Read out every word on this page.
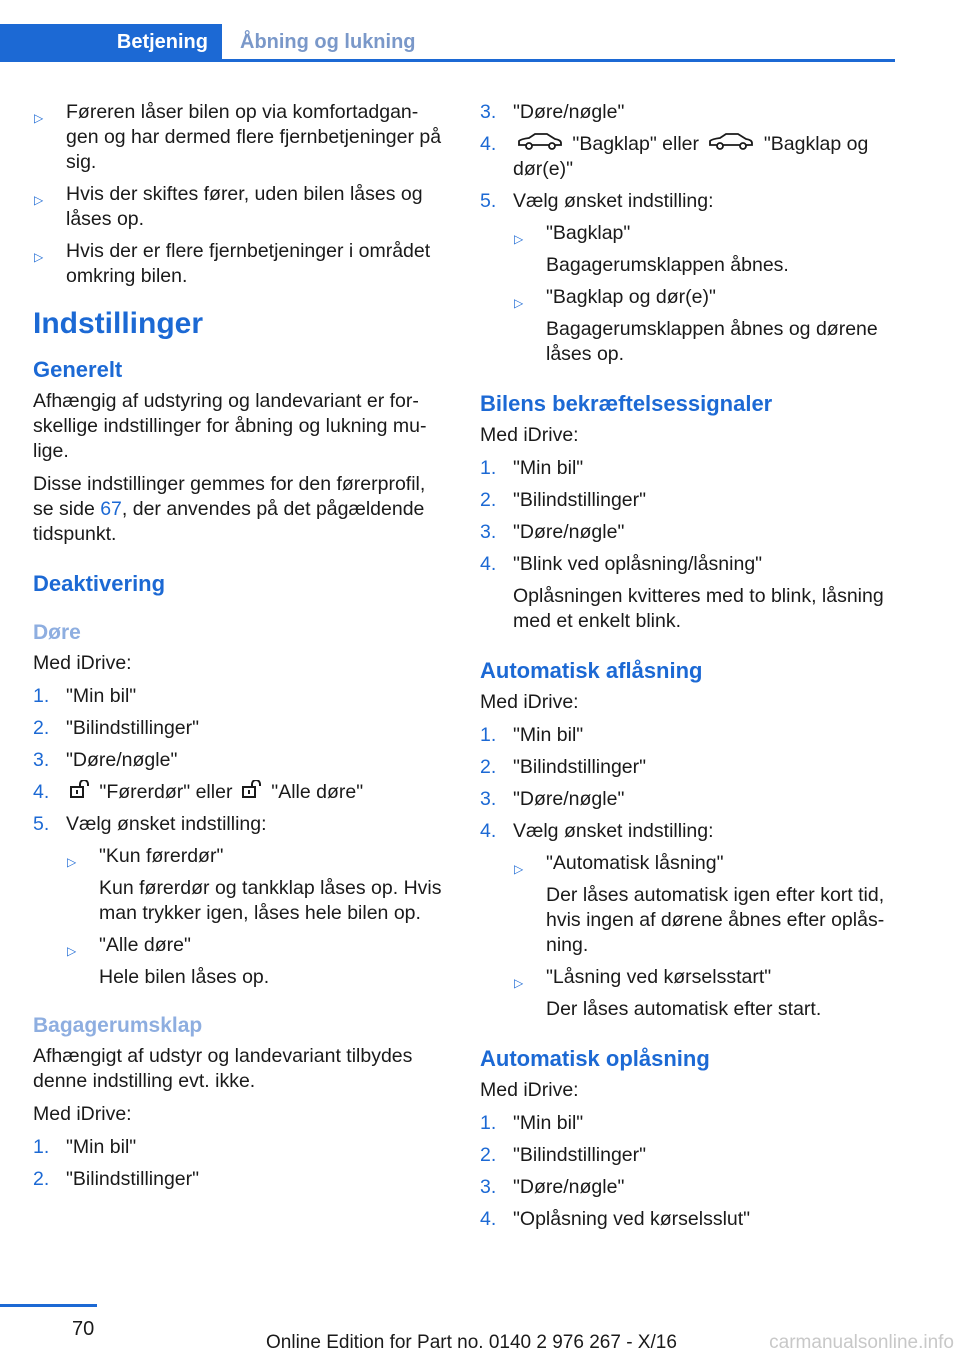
Betjening Åbning og lukning
▷ Føreren låser bilen op via komfortadgan‐gen og har dermed flere fjernbetjeninger på sig.
▷ Hvis der skiftes fører, uden bilen låses og låses op.
▷ Hvis der er flere fjernbetjeninger i området omkring bilen.
Indstillinger
Generelt

Afhængig af udstyring og landevariant er for‐skellige indstillinger for åbning og lukning mu‐lige.

Disse indstillinger gemmes for den førerprofil, se side 67, der anvendes på det pågældende tidspunkt.

Deaktivering
Døre

Med iDrive:

1. "Min bil"
2. "Bilindstillinger"
3. "Døre/nøgle"
4.	"Førerdør" eller "Alle døre"
5. Vælg ønsket indstilling:
▷ "Kun førerdør"
Kun førerdør og tankklap låses op. Hvis man trykker igen, låses hele bilen op.
▷ "Alle døre"
Hele bilen låses op.
Bagagerumsklap

Afhængigt af udstyr og landevariant tilbydes denne indstilling evt. ikke.

Med iDrive:

1. "Min bil"
2. "Bilindstillinger"
3. "Døre/nøgle"
4.	"Bagklap" eller	"Bagklap og dør(e)"
5. Vælg ønsket indstilling:
▷ "Bagklap"
Bagagerumsklappen åbnes.
▷ "Bagklap og dør(e)"
Bagagerumsklappen åbnes og dørene låses op.
Bilens bekræftelsessignaler

Med iDrive:

1. "Min bil"
2. "Bilindstillinger"
3. "Døre/nøgle"
4. "Blink ved oplåsning/låsning"
Oplåsningen kvitteres med to blink, låsning med et enkelt blink.
Automatisk aflåsning

Med iDrive:

1. "Min bil"
2. "Bilindstillinger"
3. "Døre/nøgle"
4. Vælg ønsket indstilling:
▷ "Automatisk låsning"
Der låses automatisk igen efter kort tid, hvis ingen af dørene åbnes efter oplås‐ning.
▷ "Låsning ved kørselsstart"
Der låses automatisk efter start.
Automatisk oplåsning

Med iDrive:

1. "Min bil"
2. "Bilindstillinger"
3. "Døre/nøgle"
4. "Oplåsning ved kørselsslut"
70
Online Edition for Part no. 0140 2 976 267 - X/16	carmanualsonline.info
